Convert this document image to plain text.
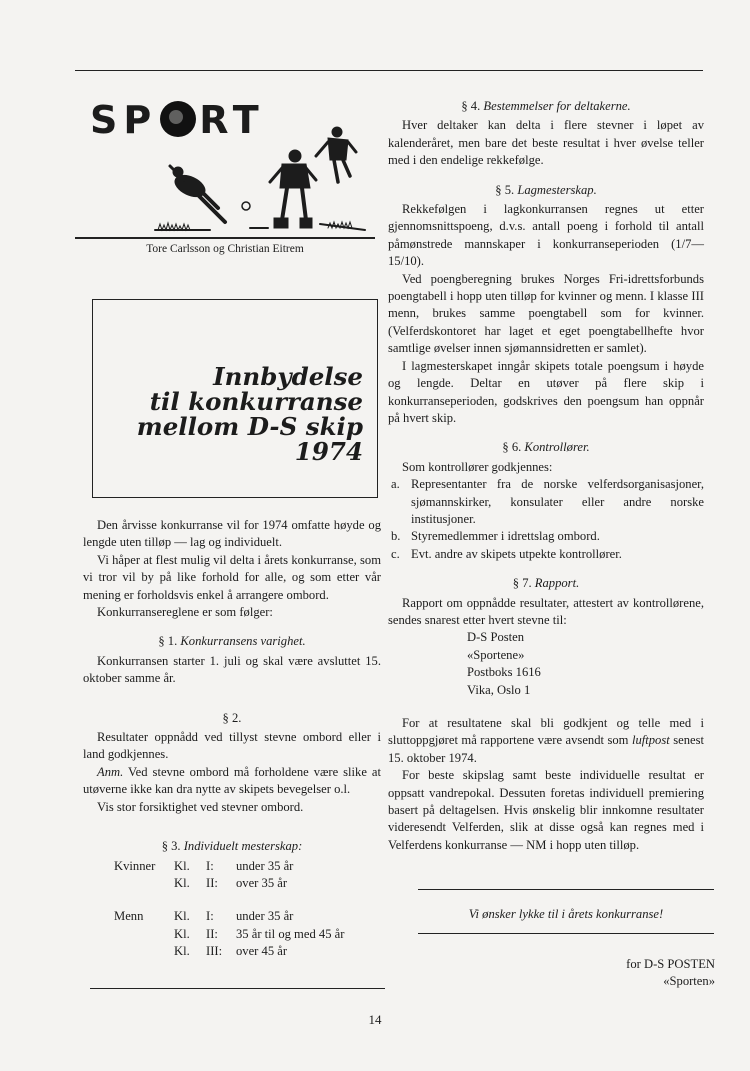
SP RT
Tore Carlsson og Christian Eitrem
Innbydelse
til konkurranse
mellom D-S skip
1974

Den årvisse konkurranse vil for 1974 omfatte høyde og lengde uten tilløp — lag og individuelt.

Vi håper at flest mulig vil delta i årets konkurranse, som vi tror vil by på like forhold for alle, og som etter vår mening er forholdsvis enkel å arrangere ombord.

Konkurransereglene er som følger:

§ 1. Konkurransens varighet.

Konkurransen starter 1. juli og skal være avsluttet 15. oktober samme år.

§ 2.

Resultater oppnådd ved tillyst stevne ombord eller i land godkjennes.

Anm. Ved stevne ombord må forholdene være slike at utøverne ikke kan dra nytte av skipets bevegelser o.l.

Vis stor forsiktighet ved stevner ombord.

§ 3. Individuelt mesterskap:

Kvinner	Kl.	I:	under 35 år
	Kl.	II:	over 35 år

Menn	Kl.	I:	under 35 år
	Kl.	II:	35 år til og med 45 år
	Kl.	III:	over 45 år

§ 4. Bestemmelser for deltakerne.

Hver deltaker kan delta i flere stevner i løpet av kalenderåret, men bare det beste resultat i hver øvelse teller med i den endelige rekkefølge.

§ 5. Lagmesterskap.

Rekkefølgen i lagkonkurransen regnes ut etter gjennomsnittspoeng, d.v.s. antall poeng i forhold til antall påmønstrede mannskaper i konkurranseperioden (1/7—15/10).

Ved poengberegning brukes Norges Fri-idrettsforbunds poengtabell i hopp uten tilløp for kvinner og menn. I klasse III menn, brukes samme poengtabell som for kvinner. (Velferdskontoret har laget et eget poengtabellhefte hvor samtlige øvelser innen sjømannsidretten er samlet).

I lagmesterskapet inngår skipets totale poengsum i høyde og lengde. Deltar en utøver på flere skip i konkurranseperioden, godskrives den poengsum han oppnår på hvert skip.

§ 6. Kontrollører.

Som kontrollører godkjennes:

a. Representanter fra de norske velferdsorganisasjoner, sjømannskirker, konsulater eller andre norske institusjoner.
b. Styremedlemmer i idrettslag ombord.
c. Evt. andre av skipets utpekte kontrollører.

§ 7. Rapport.

Rapport om oppnådde resultater, attestert av kontrollørene, sendes snarest etter hvert stevne til:

D-S Posten
«Sportene»
Postboks 1616
Vika, Oslo 1

For at resultatene skal bli godkjent og telle med i sluttoppgjøret må rapportene være avsendt som luftpost senest 15. oktober 1974.

For beste skipslag samt beste individuelle resultat er oppsatt vandrepokal. Dessuten foretas individuell premiering basert på deltagelsen. Hvis ønskelig blir innkomne resultater videresendt Velferden, slik at disse også kan regnes med i Velferdens konkurranse — NM i hopp uten tilløp.

Vi ønsker lykke til i årets konkurranse!
for D-S POSTEN
«Sporten»
14
